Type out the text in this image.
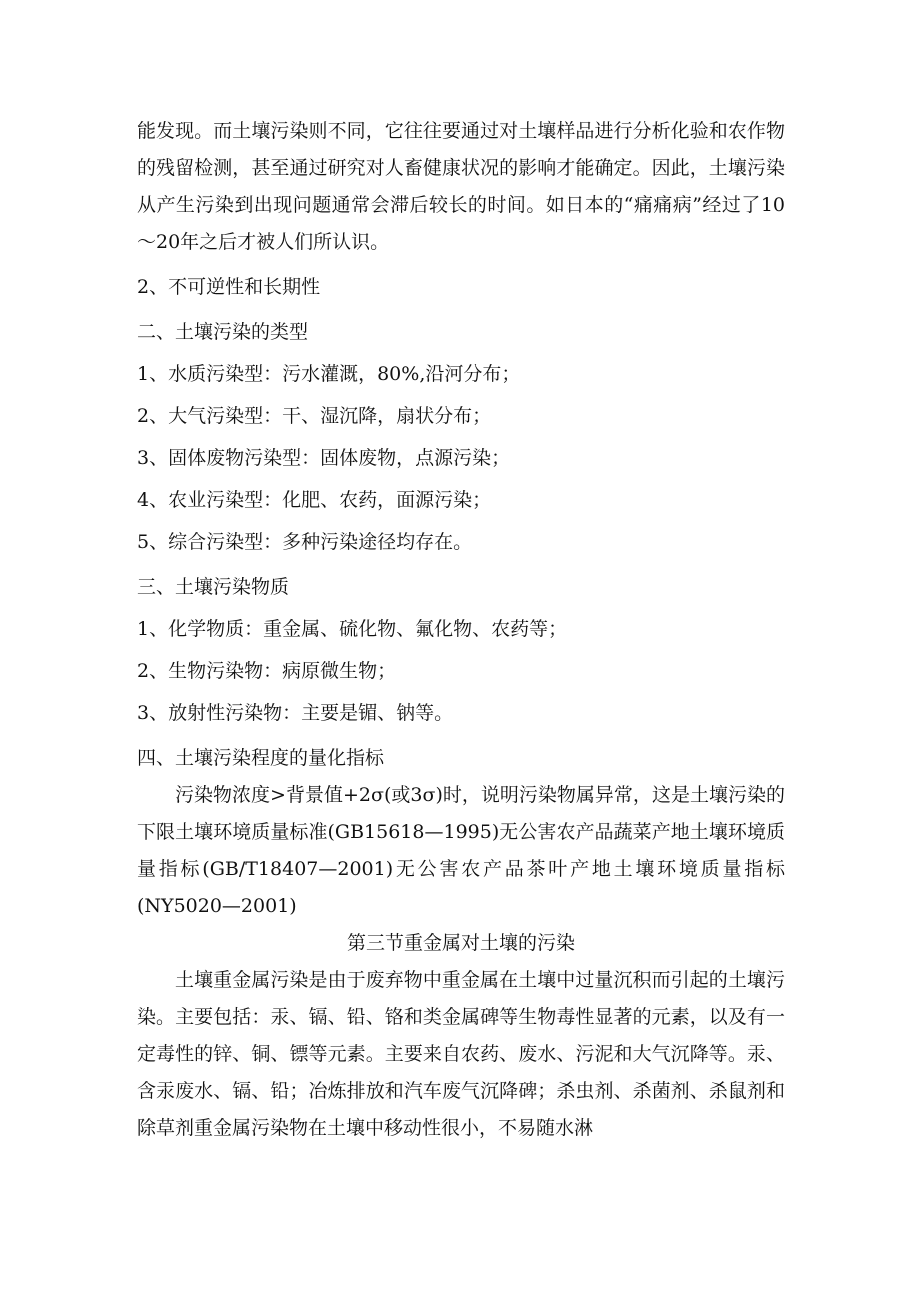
能发现。而土壤污染则不同，它往往要通过对土壤样品进行分析化验和农作物的残留检测，甚至通过研究对人畜健康状况的影响才能确定。因此，土壤污染从产生污染到出现问题通常会滞后较长的时间。如日本的“痛痛病”经过了10～20年之后才被人们所认识。

2、不可逆性和长期性

二、土壤污染的类型

1、水质污染型：污水灌溉，80%,沿河分布；

2、大气污染型：干、湿沉降，扇状分布；

3、固体废物污染型：固体废物，点源污染；

4、农业污染型：化肥、农药，面源污染；

5、综合污染型：多种污染途径均存在。

三、土壤污染物质

1、化学物质：重金属、硫化物、氟化物、农药等；

2、生物污染物：病原微生物；

3、放射性污染物：主要是镅、钠等。

四、土壤污染程度的量化指标

污染物浓度>背景值+2σ(或3σ)时，说明污染物属异常，这是土壤污染的下限土壤环境质量标准(GB15618—1995)无公害农产品蔬菜产地土壤环境质量指标(GB/T18407—2001)无公害农产品茶叶产地土壤环境质量指标(NY5020—2001)

第三节重金属对土壤的污染

土壤重金属污染是由于废弃物中重金属在土壤中过量沉积而引起的土壤污染。主要包括：汞、镉、铅、铬和类金属碑等生物毒性显著的元素，以及有一定毒性的锌、铜、镖等元素。主要来自农药、废水、污泥和大气沉降等。汞、含汞废水、镉、铅；冶炼排放和汽车废气沉降碑；杀虫剂、杀菌剂、杀鼠剂和除草剂重金属污染物在土壤中移动性很小，不易随水淋
